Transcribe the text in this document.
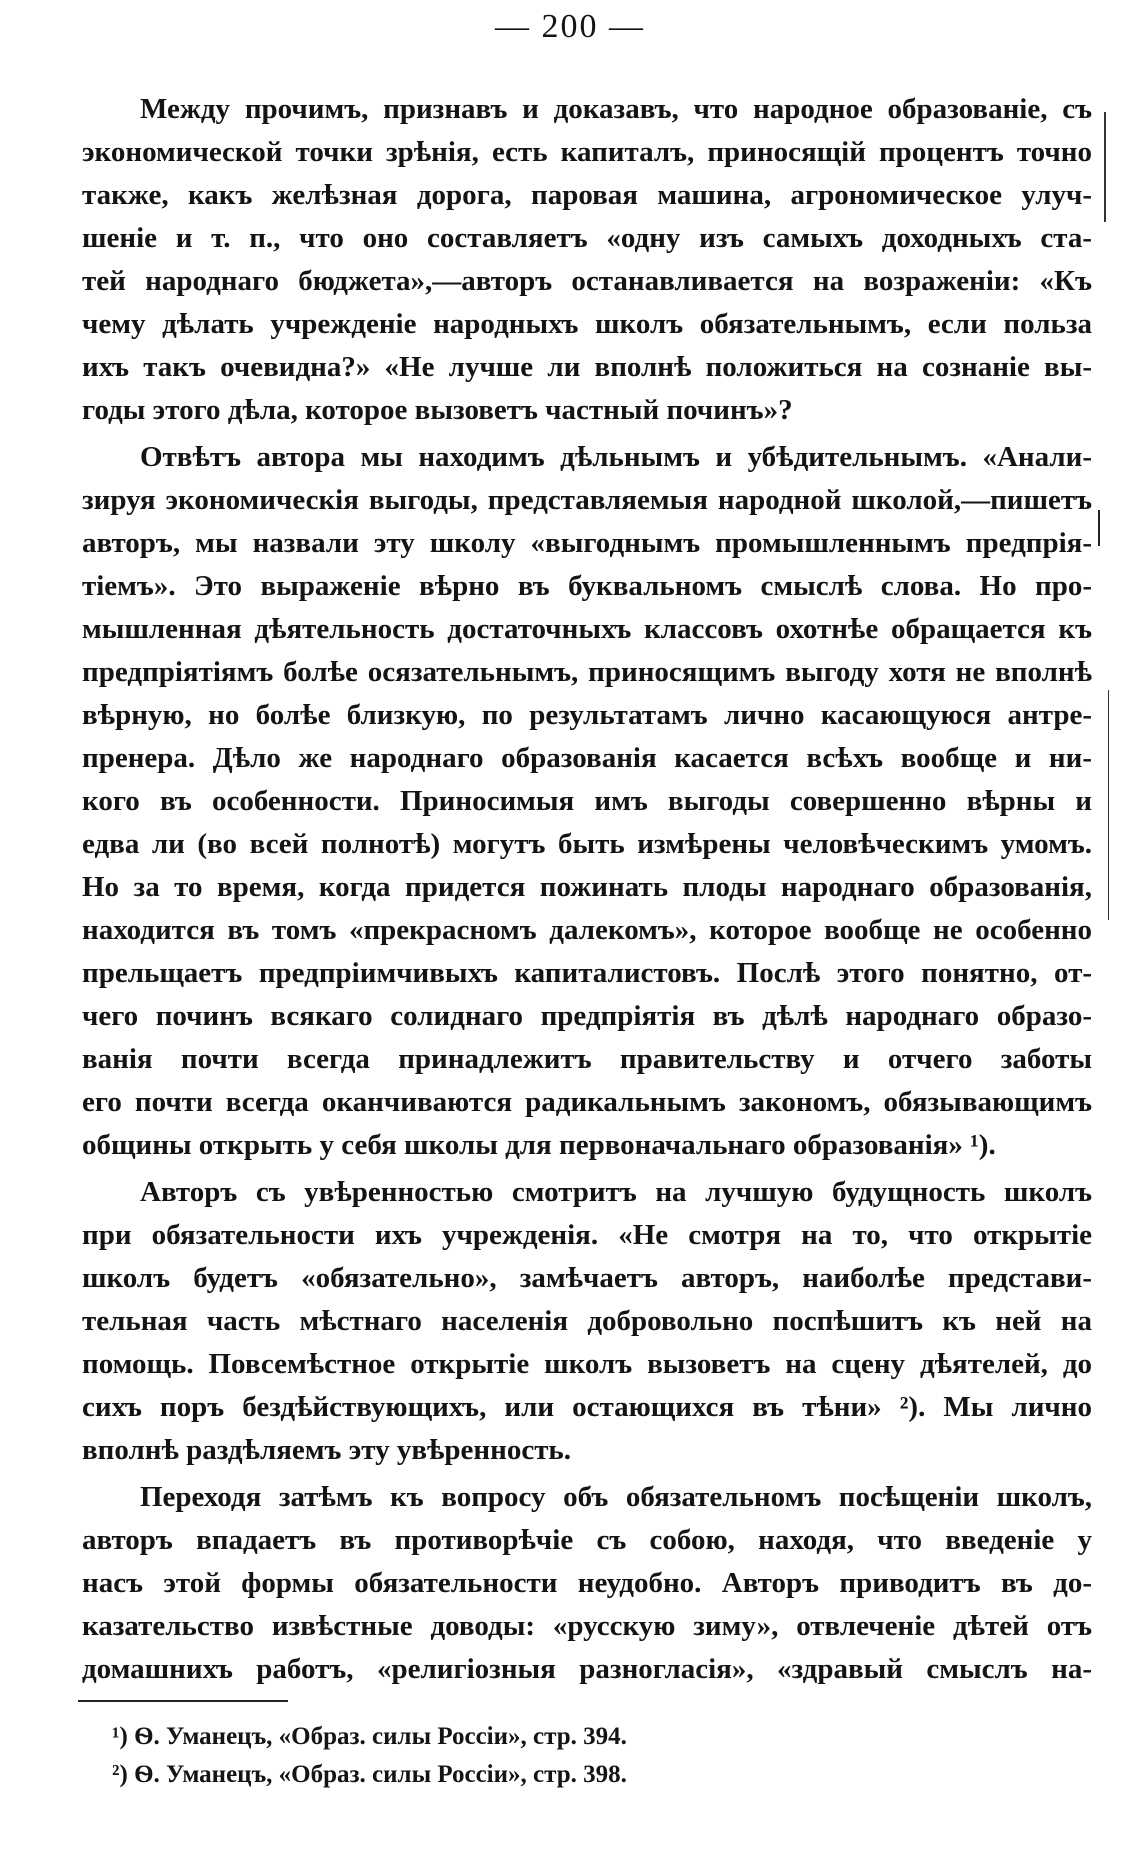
— 200 —
Между прочимъ, признавъ и доказавъ, что народное образованіе, съ
экономической точки зрѣнія, есть капиталъ, приносящій процентъ точно
также, какъ желѣзная дорога, паровая машина, агрономическое улуч-
шеніе и т. п., что оно составляетъ «одну изъ самыхъ доходныхъ ста-
тей народнаго бюджета»,—авторъ останавливается на возраженіи: «Къ
чему дѣлать учрежденіе народныхъ школъ обязательнымъ, если польза
ихъ такъ очевидна?» «Не лучше ли вполнѣ положиться на сознаніе вы-
годы этого дѣла, которое вызоветъ частный починъ»?
Отвѣтъ автора мы находимъ дѣльнымъ и убѣдительнымъ. «Анали-
зируя экономическія выгоды, представляемыя народной школой,—пишетъ
авторъ, мы назвали эту школу «выгоднымъ промышленнымъ предпрія-
тіемъ». Это выраженіе вѣрно въ буквальномъ смыслѣ слова. Но про-
мышленная дѣятельность достаточныхъ классовъ охотнѣе обращается къ
предпріятіямъ болѣе осязательнымъ, приносящимъ выгоду хотя не вполнѣ
вѣрную, но болѣе близкую, по результатамъ лично касающуюся антре-
пренера. Дѣло же народнаго образованія касается всѣхъ вообще и ни-
кого въ особенности. Приносимыя имъ выгоды совершенно вѣрны и
едва ли (во всей полнотѣ) могутъ быть измѣрены человѣческимъ умомъ.
Но за то время, когда придется пожинать плоды народнаго образованія,
находится въ томъ «прекрасномъ далекомъ», которое вообще не особенно
прельщаетъ предпріимчивыхъ капиталистовъ. Послѣ этого понятно, от-
чего починъ всякаго солиднаго предпріятія въ дѣлѣ народнаго образо-
ванія почти всегда принадлежитъ правительству и отчего заботы
его почти всегда оканчиваются радикальнымъ закономъ, обязывающимъ
общины открыть у себя школы для первоначальнаго образованія» ¹).
Авторъ съ увѣренностью смотритъ на лучшую будущность школъ
при обязательности ихъ учрежденія. «Не смотря на то, что открытіе
школъ будетъ «обязательно», замѣчаетъ авторъ, наиболѣе представи-
тельная часть мѣстнаго населенія добровольно поспѣшитъ къ ней на
помощь. Повсемѣстное открытіе школъ вызоветъ на сцену дѣятелей, до
сихъ поръ бездѣйствующихъ, или остающихся въ тѣни» ²). Мы лично
вполнѣ раздѣляемъ эту увѣренность.
Переходя затѣмъ къ вопросу объ обязательномъ посѣщеніи школъ,
авторъ впадаетъ въ противорѣчіе съ собою, находя, что введеніе у
насъ этой формы обязательности неудобно. Авторъ приводитъ въ до-
казательство извѣстные доводы: «русскую зиму», отвлеченіе дѣтей отъ
домашнихъ работъ, «религіозныя разногласія», «здравый смыслъ на-
¹) Ѳ. Уманецъ, «Образ. силы Россіи», стр. 394.
²) Ѳ. Уманецъ, «Образ. силы Россіи», стр. 398.
